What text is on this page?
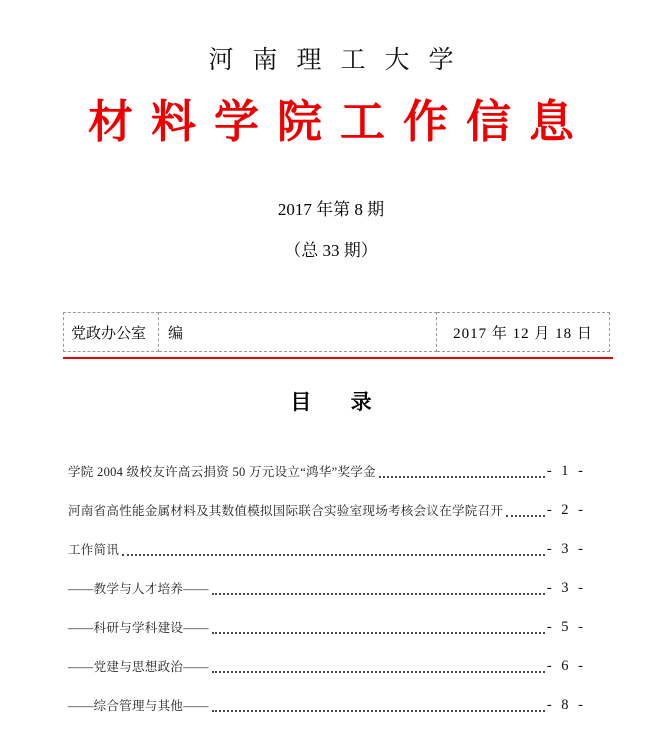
河南理工大学
材料学院工作信息
2017 年第 8 期
（总 33 期）
党政办公室	编	2017 年 12 月 18 日
目 录
学院 2004 级校友许高云捐资 50 万元设立“鸿华”奖学金	- 1 -
河南省高性能金属材料及其数值模拟国际联合实验室现场考核会议在学院召开	- 2 -
工作简讯	- 3 -
——教学与人才培养——	- 3 -
——科研与学科建设——	- 5 -
——党建与思想政治——	- 6 -
——综合管理与其他——	- 8 -
